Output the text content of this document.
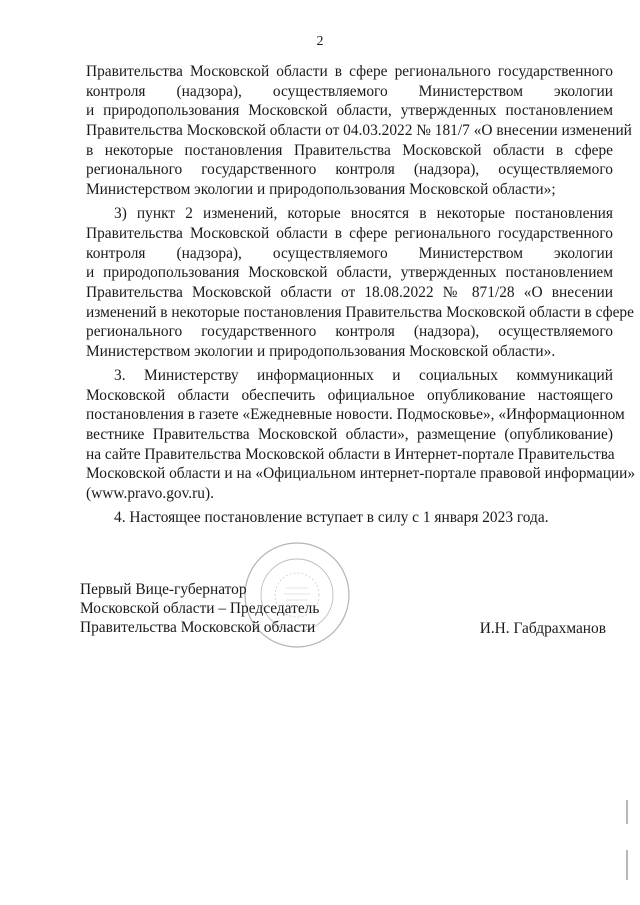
2
Правительства Московской области в сфере регионального государственного
контроля (надзора), осуществляемого Министерством экологии
и природопользования Московской области, утвержденных постановлением
Правительства Московской области от 04.03.2022 № 181/7 «О внесении изменений
в некоторые постановления Правительства Московской области в сфере
регионального государственного контроля (надзора), осуществляемого
Министерством экологии и природопользования Московской области»;
3) пункт 2 изменений, которые вносятся в некоторые постановления
Правительства Московской области в сфере регионального государственного
контроля (надзора), осуществляемого Министерством экологии
и природопользования Московской области, утвержденных постановлением
Правительства Московской области от 18.08.2022 № 871/28 «О внесении
изменений в некоторые постановления Правительства Московской области в сфере
регионального государственного контроля (надзора), осуществляемого
Министерством экологии и природопользования Московской области».
3. Министерству информационных и социальных коммуникаций
Московской области обеспечить официальное опубликование настоящего
постановления в газете «Ежедневные новости. Подмосковье», «Информационном
вестнике Правительства Московской области», размещение (опубликование)
на сайте Правительства Московской области в Интернет-портале Правительства
Московской области и на «Официальном интернет-портале правовой информации»
(www.pravo.gov.ru).
4. Настоящее постановление вступает в силу с 1 января 2023 года.
Первый Вице-губернатор
Московской области – Председатель
Правительства Московской области	И.Н. Габдрахманов
